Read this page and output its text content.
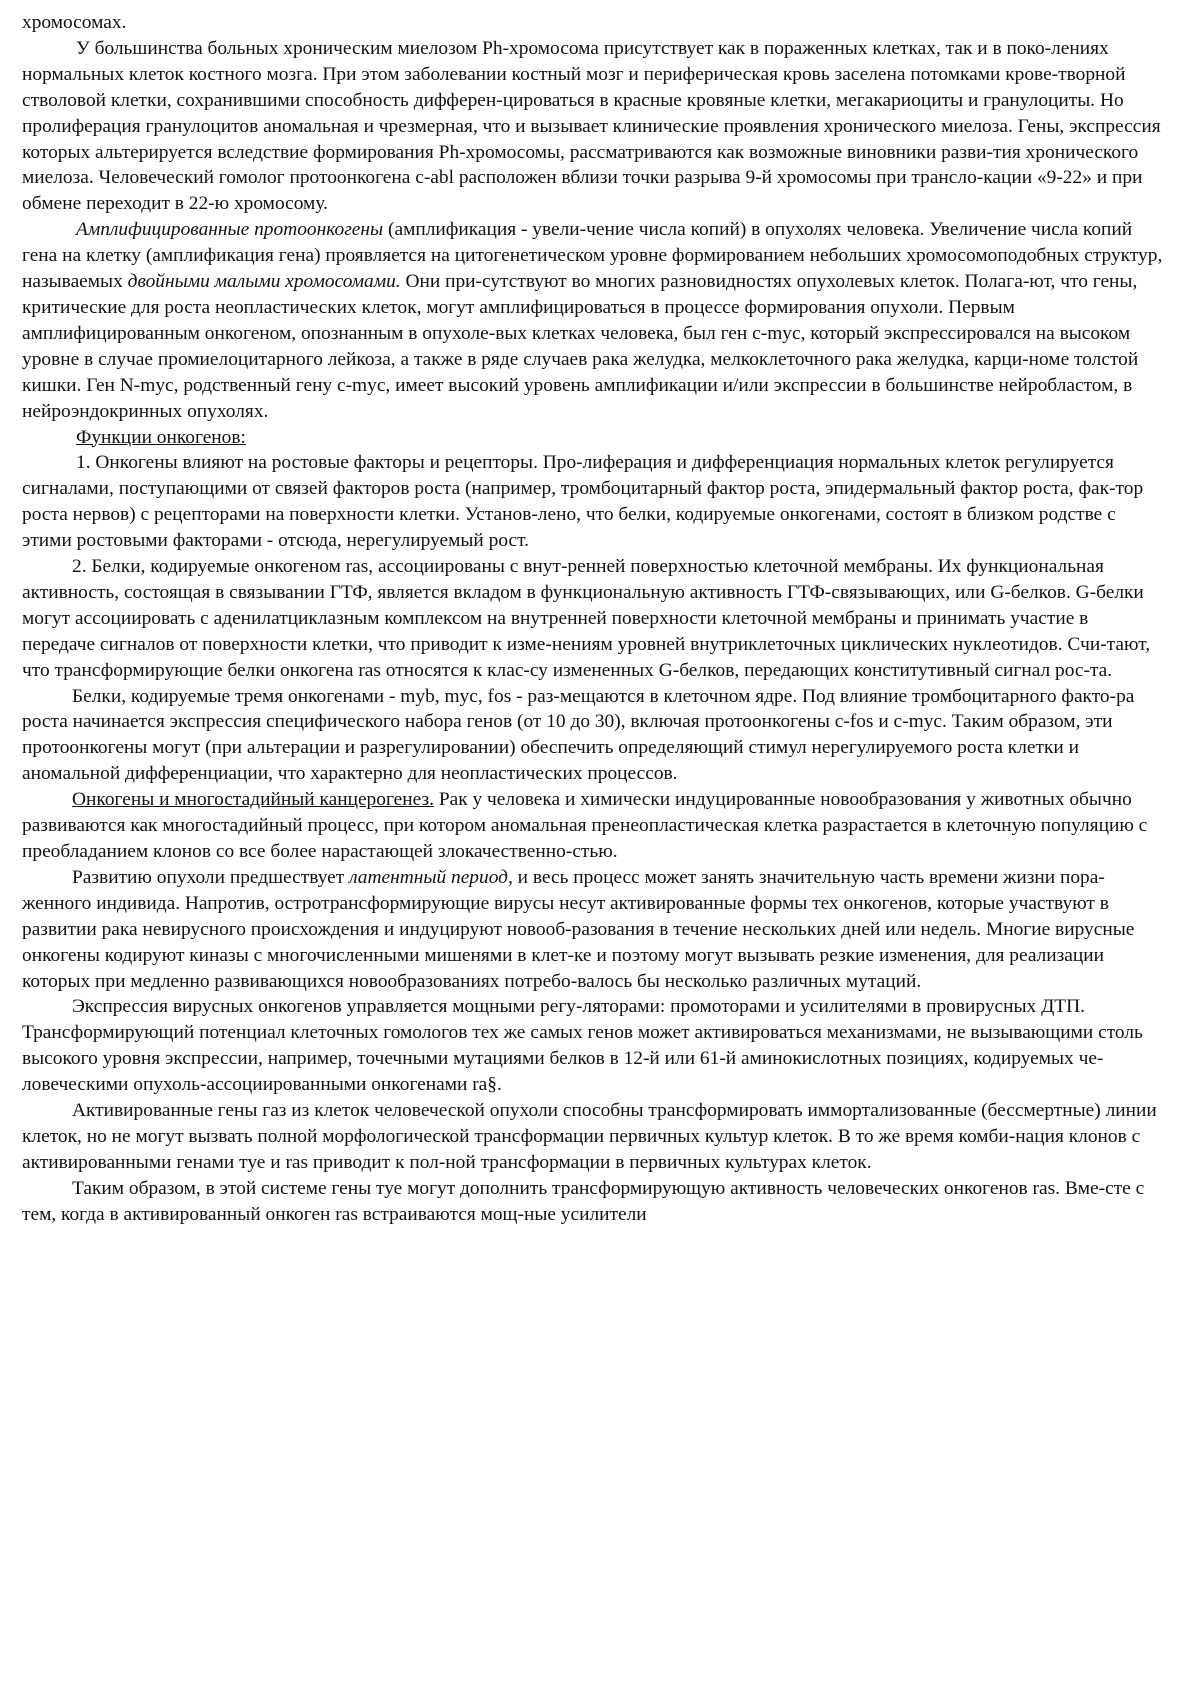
хромосомах.

У большинства больных хроническим миелозом Ph-хромосома присутствует как в пораженных клетках, так и в поко-лениях нормальных клеток костного мозга. При этом заболевании костный мозг и периферическая кровь заселена потомками крове-творной стволовой клетки, сохранившими способность дифферен-цироваться в красные кровяные клетки, мегакариоциты и гранулоциты. Но пролиферация гранулоцитов аномальная и чрезмерная, что и вызывает клинические проявления хронического миелоза. Гены, экспрессия которых альтерируется вследствие формирования Ph-хромосомы, рассматриваются как возможные виновники разви-тия хронического миелоза. Человеческий гомолог протоонкогена c-abl расположен вблизи точки разрыва 9-й хромосомы при трансло-кации «9-22» и при обмене переходит в 22-ю хромосому.

Амплифицированные протоонкогены (амплификация - увели-чение числа копий) в опухолях человека. Увеличение числа копий гена на клетку (амплификация гена) проявляется на цитогенетическом уровне формированием небольших хромосомоподобных структур, называемых двойными малыми хромосомами. Они при-сутствуют во многих разновидностях опухолевых клеток. Полага-ют, что гены, критические для роста неопластических клеток, могут амплифицироваться в процессе формирования опухоли. Первым амплифицированным онкогеном, опознанным в опухоле-вых клетках человека, был ген c-myc, который экспрессировался на высоком уровне в случае промиелоцитарного лейкоза, а также в ряде случаев рака желудка, мелкоклеточного рака желудка, карци-номе толстой кишки. Ген N-myc, родственный гену c-myc, имеет высокий уровень амплификации и/или экспрессии в большинстве нейробластом, в нейроэндокринных опухолях.

Функции онкогенов:

1. Онкогены влияют на ростовые факторы и рецепторы. Про-лиферация и дифференциация нормальных клеток регулируется сигналами, поступающими от связей факторов роста (например, тромбоцитарный фактор роста, эпидермальный фактор роста, фак-тор роста нервов) с рецепторами на поверхности клетки. Установ-лено, что белки, кодируемые онкогенами, состоят в близком родстве с этими ростовыми факторами - отсюда, нерегулируемый рост.

2. Белки, кодируемые онкогеном ras, ассоциированы с внут-ренней поверхностью клеточной мембраны. Их функциональная активность, состоящая в связывании ГТФ, является вкладом в функциональную активность ГТФ-связывающих, или G-белков. G-белки могут ассоциировать с аденилатциклазным комплексом на внутренней поверхности клеточной мембраны и принимать участие в передаче сигналов от поверхности клетки, что приводит к изме-нениям уровней внутриклеточных циклических нуклеотидов. Счи-тают, что трансформирующие белки онкогена ras относятся к клас-су измененных G-белков, передающих конститутивный сигнал рос-та.

Белки, кодируемые тремя онкогенами - myb, myc, fos - раз-мещаются в клеточном ядре. Под влияние тромбоцитарного факто-ра роста начинается экспрессия специфического набора генов (от 10 до 30), включая протоонкогены c-fos и c-myc. Таким образом, эти протоонкогены могут (при альтерации и разрегулировании) обеспечить определяющий стимул нерегулируемого роста клетки и аномальной дифференциации, что характерно для неопластических процессов.

Онкогены и многостадийный канцерогенез. Рак у человека и химически индуцированные новообразования у животных обычно развиваются как многостадийный процесс, при котором аномальная пренеопластическая клетка разрастается в клеточную популяцию с преобладанием клонов со все более нарастающей злокачественно-стью.

Развитию опухоли предшествует латентный период, и весь процесс может занять значительную часть времени жизни пора-женного индивида. Напротив, остротрансформирующие вирусы несут активированные формы тех онкогенов, которые участвуют в развитии рака невирусного происхождения и индуцируют новооб-разования в течение нескольких дней или недель. Многие вирусные онкогены кодируют киназы с многочисленными мишенями в клет-ке и поэтому могут вызывать резкие изменения, для реализации которых при медленно развивающихся новообразованиях потребо-валось бы несколько различных мутаций.

Экспрессия вирусных онкогенов управляется мощными регу-ляторами: промоторами и усилителями в провирусных ДТП. Трансформирующий потенциал клеточных гомологов тех же самых генов может активироваться механизмами, не вызывающими столь высокого уровня экспрессии, например, точечными мутациями белков в 12-й или 61-й аминокислотных позициях, кодируемых че-ловеческими опухоль-ассоциированными онкогенами ra§.

Активированные гены газ из клеток человеческой опухоли способны трансформировать иммортализованные (бессмертные) линии клеток, но не могут вызвать полной морфологической трансформации первичных культур клеток. В то же время комби-нация клонов с активированными генами туе и ras приводит к пол-ной трансформации в первичных культурах клеток.

Таким образом, в этой системе гены туе могут дополнить трансформирующую активность человеческих онкогенов ras. Вме-сте с тем, когда в активированный онкоген ras встраиваются мощ-ные усилители
